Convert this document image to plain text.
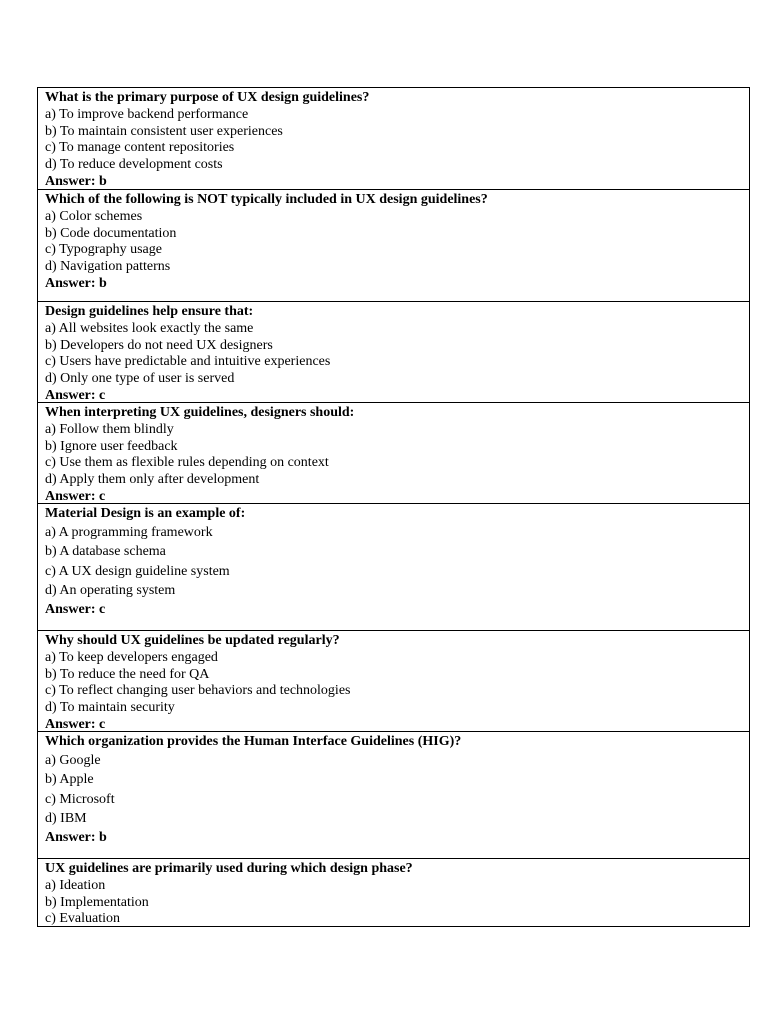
What is the primary purpose of UX design guidelines?
a) To improve backend performance
b) To maintain consistent user experiences
c) To manage content repositories
d) To reduce development costs
Answer: b
Which of the following is NOT typically included in UX design guidelines?
a) Color schemes
b) Code documentation
c) Typography usage
d) Navigation patterns
Answer: b
Design guidelines help ensure that:
a) All websites look exactly the same
b) Developers do not need UX designers
c) Users have predictable and intuitive experiences
d) Only one type of user is served
Answer: c
When interpreting UX guidelines, designers should:
a) Follow them blindly
b) Ignore user feedback
c) Use them as flexible rules depending on context
d) Apply them only after development
Answer: c
Material Design is an example of:
a) A programming framework
b) A database schema
c) A UX design guideline system
d) An operating system
Answer: c
Why should UX guidelines be updated regularly?
a) To keep developers engaged
b) To reduce the need for QA
c) To reflect changing user behaviors and technologies
d) To maintain security
Answer: c
Which organization provides the Human Interface Guidelines (HIG)?
a) Google
b) Apple
c) Microsoft
d) IBM
Answer: b
UX guidelines are primarily used during which design phase?
a) Ideation
b) Implementation
c) Evaluation
